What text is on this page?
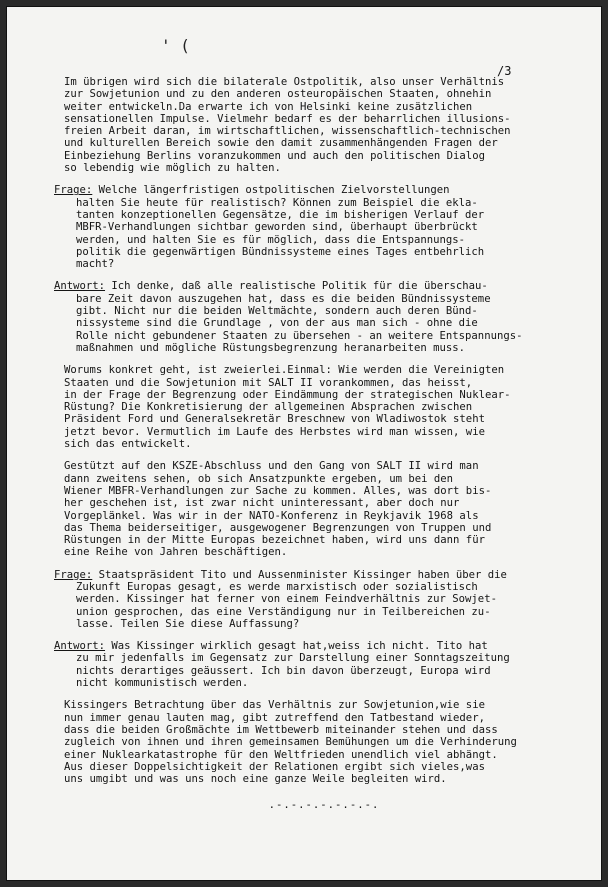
' (
/3
Im übrigen wird sich die bilaterale Ostpolitik, also unser Verhältnis
zur Sowjetunion und zu den anderen osteuropäischen Staaten, ohnehin
weiter entwickeln.Da erwarte ich von Helsinki keine zusätzlichen
sensationellen Impulse. Vielmehr bedarf es der beharrlichen illusions-
freien Arbeit daran, im wirtschaftlichen, wissenschaftlich-technischen
und kulturellen Bereich sowie den damit zusammenhängenden Fragen der
Einbeziehung Berlins voranzukommen und auch den politischen Dialog
so lebendig wie möglich zu halten.
Frage: Welche längerfristigen ostpolitischen Zielvorstellungen
halten Sie heute für realistisch? Können zum Beispiel die ekla-
tanten konzeptionellen Gegensätze, die im bisherigen Verlauf der
MBFR-Verhandlungen sichtbar geworden sind, überhaupt überbrückt
werden, und halten Sie es für möglich, dass die Entspannungs-
politik die gegenwärtigen Bündnissysteme eines Tages entbehrlich
macht?
Antwort: Ich denke, daß alle realistische Politik für die überschau-
bare Zeit davon auszugehen hat, dass es die beiden Bündnissysteme
gibt. Nicht nur die beiden Weltmächte, sondern auch deren Bünd-
nissysteme sind die Grundlage , von der aus man sich - ohne die
Rolle nicht gebundener Staaten zu übersehen - an weitere Entspannungs-
maßnahmen und mögliche Rüstungsbegrenzung heranarbeiten muss.
Worums konkret geht, ist zweierlei.Einmal: Wie werden die Vereinigten
Staaten und die Sowjetunion mit SALT II vorankommen, das heisst,
in der Frage der Begrenzung oder Eindämmung der strategischen Nuklear-
Rüstung? Die Konkretisierung der allgemeinen Absprachen zwischen
Präsident Ford und Generalsekretär Breschnew von Wladiwostok steht
jetzt bevor. Vermutlich im Laufe des Herbstes wird man wissen, wie
sich das entwickelt.
Gestützt auf den KSZE-Abschluss und den Gang von SALT II wird man
dann zweitens sehen, ob sich Ansatzpunkte ergeben, um bei den
Wiener MBFR-Verhandlungen zur Sache zu kommen. Alles, was dort bis-
her geschehen ist, ist zwar nicht uninteressant, aber doch nur
Vorgeplänkel. Was wir in der NATO-Konferenz in Reykjavik 1968 als
das Thema beiderseitiger, ausgewogener Begrenzungen von Truppen und
Rüstungen in der Mitte Europas bezeichnet haben, wird uns dann für
eine Reihe von Jahren beschäftigen.
Frage: Staatspräsident Tito und Aussenminister Kissinger haben über die
Zukunft Europas gesagt, es werde marxistisch oder sozialistisch
werden. Kissinger hat ferner von einem Feindverhältnis zur Sowjet-
union gesprochen, das eine Verständigung nur in Teilbereichen zu-
lasse. Teilen Sie diese Auffassung?
Antwort: Was Kissinger wirklich gesagt hat,weiss ich nicht. Tito hat
zu mir jedenfalls im Gegensatz zur Darstellung einer Sonntagszeitung
nichts derartiges geäussert. Ich bin davon überzeugt, Europa wird
nicht kommunistisch werden.
Kissingers Betrachtung über das Verhältnis zur Sowjetunion,wie sie
nun immer genau lauten mag, gibt zutreffend den Tatbestand wieder,
dass die beiden Großmächte im Wettbewerb miteinander stehen und dass
zugleich von ihnen und ihren gemeinsamen Bemühungen um die Verhinderung
einer Nuklearkatastrophe für den Weltfrieden unendlich viel abhängt.
Aus dieser Doppelsichtigkeit der Relationen ergibt sich vieles,was
uns umgibt und was uns noch eine ganze Weile begleiten wird.
.-.-.-.-.-.-.-.
